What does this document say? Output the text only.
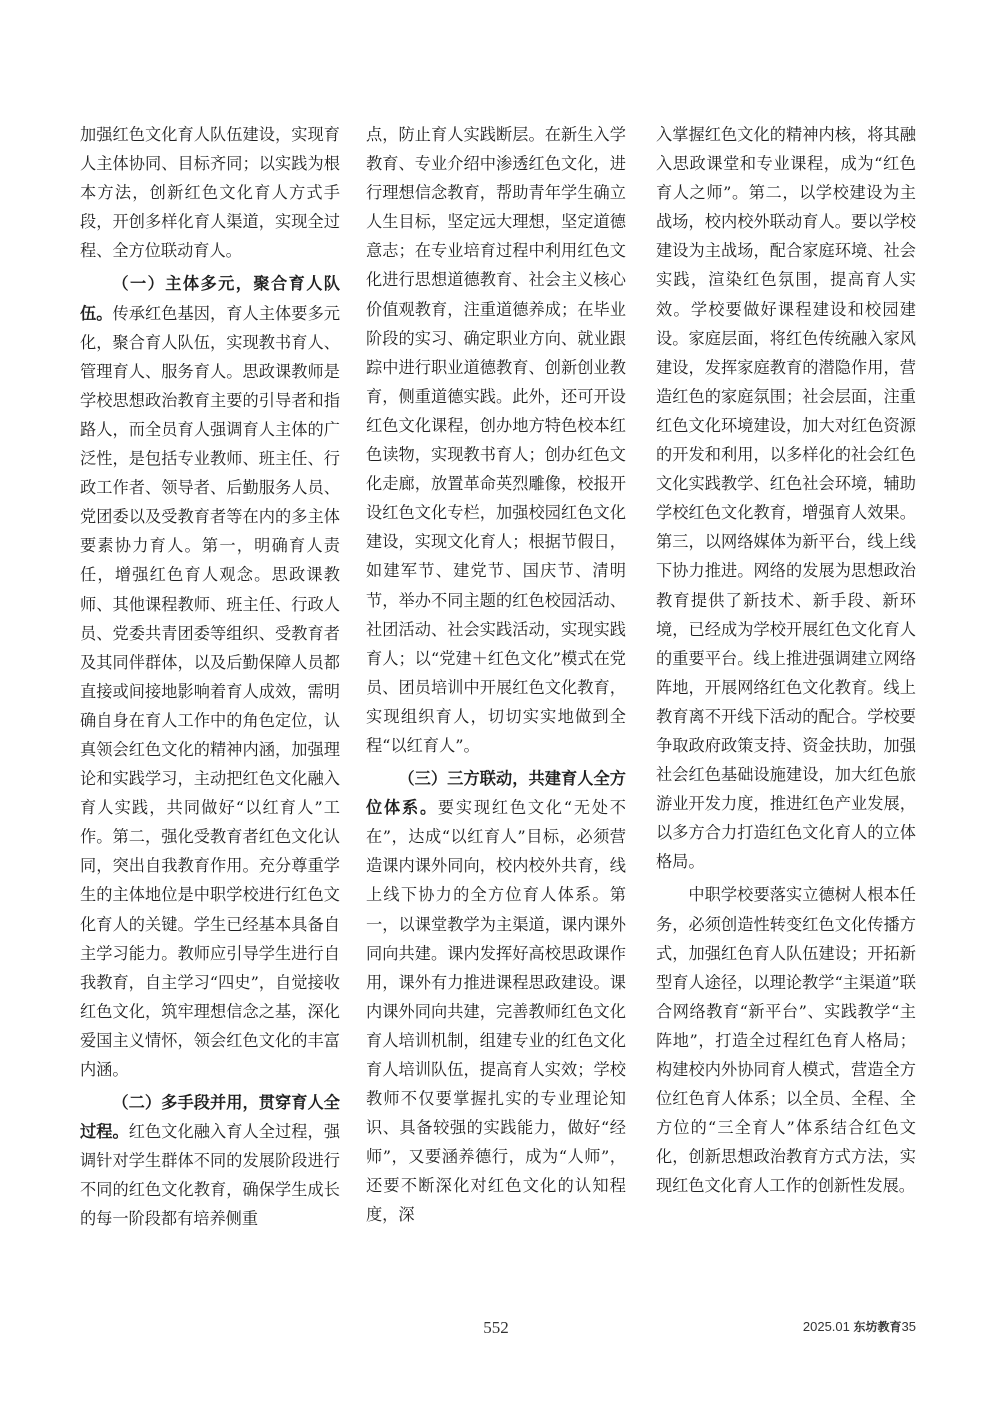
加强红色文化育人队伍建设，实现育人主体协同、目标齐同；以实践为根本方法，创新红色文化育人方式手段，开创多样化育人渠道，实现全过程、全方位联动育人。

（一）主体多元，聚合育人队伍。传承红色基因，育人主体要多元化，聚合育人队伍，实现教书育人、管理育人、服务育人。思政课教师是学校思想政治教育主要的引导者和指路人，而全员育人强调育人主体的广泛性，是包括专业教师、班主任、行政工作者、领导者、后勤服务人员、党团委以及受教育者等在内的多主体要素协力育人。第一，明确育人责任，增强红色育人观念。思政课教师、其他课程教师、班主任、行政人员、党委共青团委等组织、受教育者及其同伴群体，以及后勤保障人员都直接或间接地影响着育人成效，需明确自身在育人工作中的角色定位，认真领会红色文化的精神内涵，加强理论和实践学习，主动把红色文化融入育人实践，共同做好“以红育人”工作。第二，强化受教育者红色文化认同，突出自我教育作用。充分尊重学生的主体地位是中职学校进行红色文化育人的关键。学生已经基本具备自主学习能力。教师应引导学生进行自我教育，自主学习“四史”，自觉接收红色文化，筑牢理想信念之基，深化爱国主义情怀，领会红色文化的丰富内涵。

（二）多手段并用，贯穿育人全过程。红色文化融入育人全过程，强调针对学生群体不同的发展阶段进行不同的红色文化教育，确保学生成长的每一阶段都有培养侧重

点，防止育人实践断层。在新生入学教育、专业介绍中渗透红色文化，进行理想信念教育，帮助青年学生确立人生目标，坚定远大理想，坚定道德意志；在专业培育过程中利用红色文化进行思想道德教育、社会主义核心价值观教育，注重道德养成；在毕业阶段的实习、确定职业方向、就业跟踪中进行职业道德教育、创新创业教育，侧重道德实践。此外，还可开设红色文化课程，创办地方特色校本红色读物，实现教书育人；创办红色文化走廊，放置革命英烈雕像，校报开设红色文化专栏，加强校园红色文化建设，实现文化育人；根据节假日，如建军节、建党节、国庆节、清明节，举办不同主题的红色校园活动、社团活动、社会实践活动，实现实践育人；以“党建＋红色文化”模式在党员、团员培训中开展红色文化教育，实现组织育人，切切实实地做到全程“以红育人”。

（三）三方联动，共建育人全方位体系。要实现红色文化“无处不在”，达成“以红育人”目标，必须营造课内课外同向，校内校外共育，线上线下协力的全方位育人体系。第一，以课堂教学为主渠道，课内课外同向共建。课内发挥好高校思政课作用，课外有力推进课程思政建设。课内课外同向共建，完善教师红色文化育人培训机制，组建专业的红色文化育人培训队伍，提高育人实效；学校教师不仅要掌握扎实的专业理论知识、具备较强的实践能力，做好“经师”，又要涵养德行，成为“人师”，还要不断深化对红色文化的认知程度，深

入掌握红色文化的精神内核，将其融入思政课堂和专业课程，成为“红色育人之师”。第二，以学校建设为主战场，校内校外联动育人。要以学校建设为主战场，配合家庭环境、社会实践，渲染红色氛围，提高育人实效。学校要做好课程建设和校园建设。家庭层面，将红色传统融入家风建设，发挥家庭教育的潜隐作用，营造红色的家庭氛围；社会层面，注重红色文化环境建设，加大对红色资源的开发和利用，以多样化的社会红色文化实践教学、红色社会环境，辅助学校红色文化教育，增强育人效果。第三，以网络媒体为新平台，线上线下协力推进。网络的发展为思想政治教育提供了新技术、新手段、新环境，已经成为学校开展红色文化育人的重要平台。线上推进强调建立网络阵地，开展网络红色文化教育。线上教育离不开线下活动的配合。学校要争取政府政策支持、资金扶助，加强社会红色基础设施建设，加大红色旅游业开发力度，推进红色产业发展，以多方合力打造红色文化育人的立体格局。

中职学校要落实立德树人根本任务，必须创造性转变红色文化传播方式，加强红色育人队伍建设；开拓新型育人途径，以理论教学“主渠道”联合网络教育“新平台”、实践教学“主阵地”，打造全过程红色育人格局；构建校内外协同育人模式，营造全方位红色育人体系；以全员、全程、全方位的“三全育人”体系结合红色文化，创新思想政治教育方式方法，实现红色文化育人工作的创新性发展。

552	2025.01 东坊教育35
